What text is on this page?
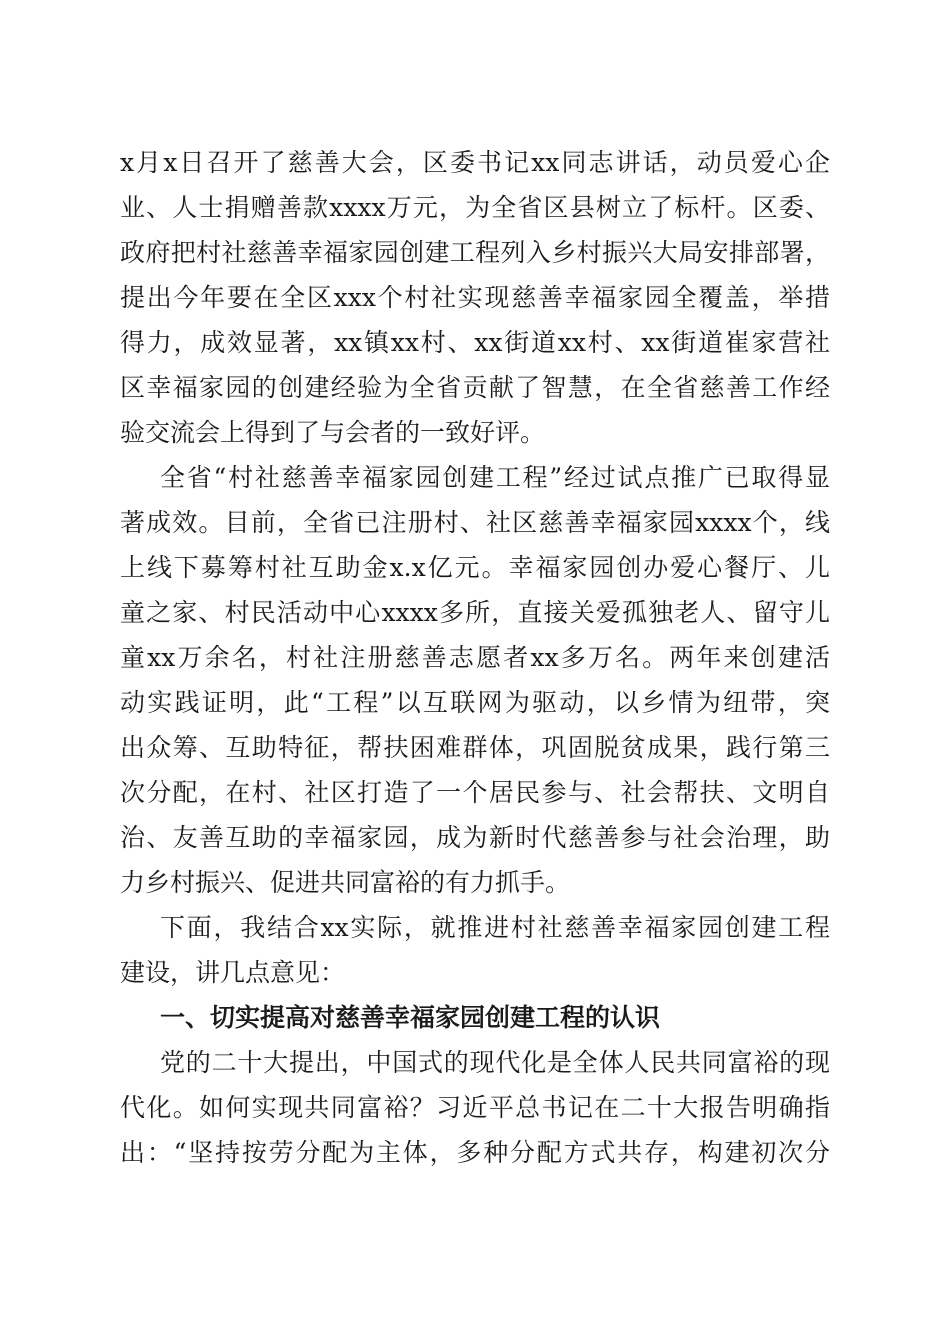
x月x日召开了慈善大会，区委书记xx同志讲话，动员爱心企
业、人士捐赠善款xxxx万元，为全省区县树立了标杆。区委、
政府把村社慈善幸福家园创建工程列入乡村振兴大局安排部署，
提出今年要在全区xxx个村社实现慈善幸福家园全覆盖，举措
得力，成效显著，xx镇xx村、xx街道xx村、xx街道崔家营社
区幸福家园的创建经验为全省贡献了智慧，在全省慈善工作经
验交流会上得到了与会者的一致好评。
全省“村社慈善幸福家园创建工程”经过试点推广已取得显
著成效。目前，全省已注册村、社区慈善幸福家园xxxx个，线
上线下募筹村社互助金x.x亿元。幸福家园创办爱心餐厅、儿
童之家、村民活动中心xxxx多所，直接关爱孤独老人、留守儿
童xx万余名，村社注册慈善志愿者xx多万名。两年来创建活
动实践证明，此“工程”以互联网为驱动，以乡情为纽带，突
出众筹、互助特征，帮扶困难群体，巩固脱贫成果，践行第三
次分配，在村、社区打造了一个居民参与、社会帮扶、文明自
治、友善互助的幸福家园，成为新时代慈善参与社会治理，助
力乡村振兴、促进共同富裕的有力抓手。
下面，我结合xx实际，就推进村社慈善幸福家园创建工程
建设，讲几点意见：
一、切实提高对慈善幸福家园创建工程的认识
党的二十大提出，中国式的现代化是全体人民共同富裕的现
代化。如何实现共同富裕？习近平总书记在二十大报告明确指
出：“坚持按劳分配为主体，多种分配方式共存，构建初次分
